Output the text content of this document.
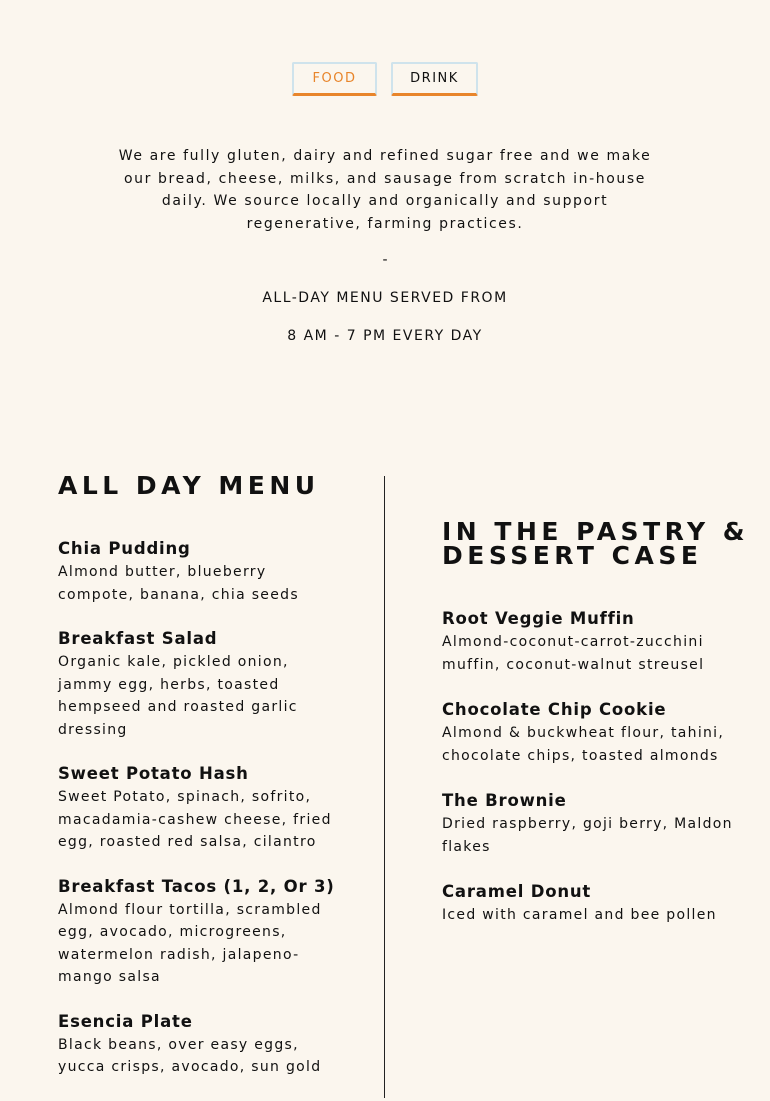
FOOD	DRINK

We are fully gluten, dairy and refined sugar free and we make our bread, cheese, milks, and sausage from scratch in-house daily. We source locally and organically and support regenerative, farming practices.

-
ALL-DAY MENU SERVED FROM
8 AM - 7 PM EVERY DAY
ALL DAY MENU
Chia Pudding
Almond butter, blueberry compote, banana, chia seeds
Breakfast Salad
Organic kale, pickled onion, jammy egg, herbs, toasted hempseed and roasted garlic dressing
Sweet Potato Hash
Sweet Potato, spinach, sofrito, macadamia-cashew cheese, fried egg, roasted red salsa, cilantro
Breakfast Tacos (1, 2, Or 3)
Almond flour tortilla, scrambled egg, avocado, microgreens, watermelon radish, jalapeno-mango salsa
Esencia Plate
Black beans, over easy eggs, yucca crisps, avocado, sun gold
IN THE PASTRY & DESSERT CASE
Root Veggie Muffin
Almond-coconut-carrot-zucchini muffin, coconut-walnut streusel
Chocolate Chip Cookie
Almond & buckwheat flour, tahini, chocolate chips, toasted almonds
The Brownie
Dried raspberry, goji berry, Maldon flakes
Caramel Donut
Iced with caramel and bee pollen
